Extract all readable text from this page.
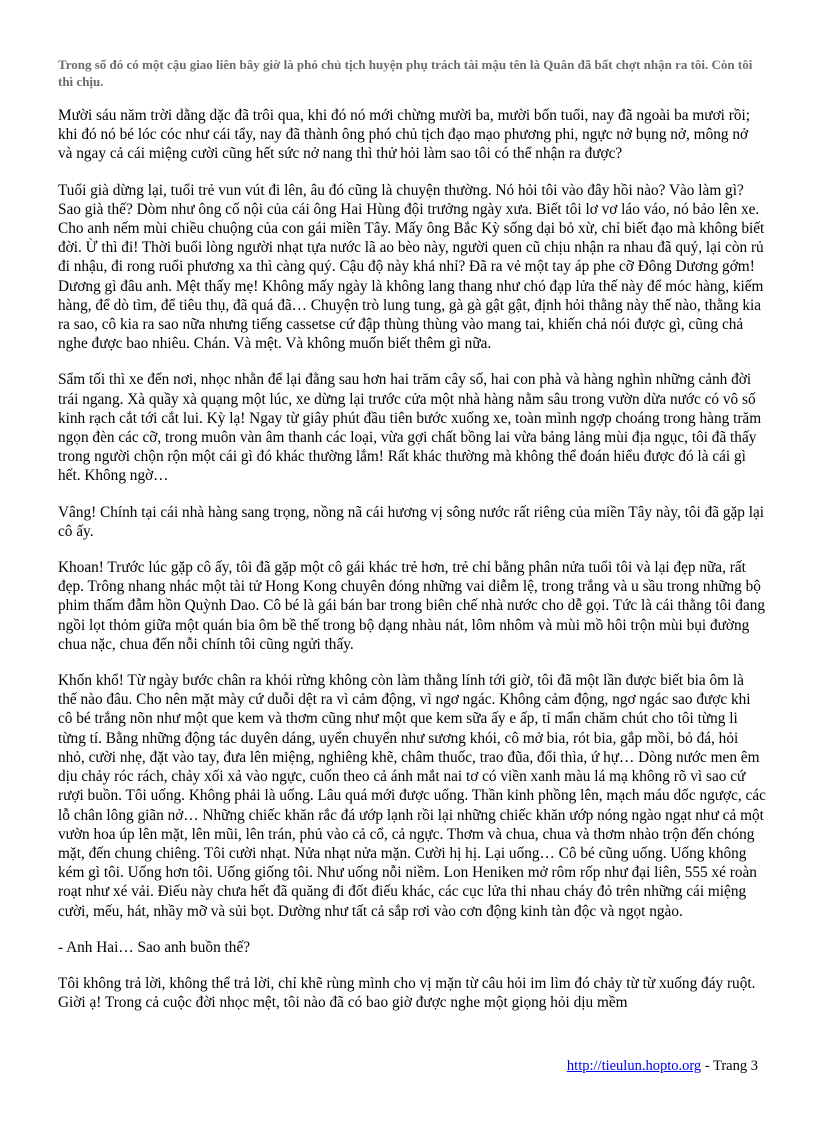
Trong số đó có một cậu giao liên bây giờ là phó chủ tịch huyện phụ trách tài mậu tên là Quân đã bất chợt nhận ra tôi. Còn tôi thì chịu.

Mười sáu năm trời dằng dặc đã trôi qua, khi đó nó mới chừng mười ba, mười bốn tuổi, nay đã ngoài ba mươi rồi; khi đó nó bé lóc cóc như cái tẩy, nay đã thành ông phó chủ tịch đạo mạo phương phi, ngực nở bụng nở, mông nở và ngay cả cái miệng cười cũng hết sức nở nang thì thử hỏi làm sao tôi có thể nhận ra được?

Tuổi già dừng lại, tuổi trẻ vun vút đi lên, âu đó cũng là chuyện thường. Nó hỏi tôi vào đây hồi nào? Vào làm gì? Sao già thế? Dòm như ông cố nội của cái ông Hai Hùng đội trưởng ngày xưa. Biết tôi lơ vơ láo váo, nó bảo lên xe. Cho anh nếm mùi chiều chuộng của con gái miền Tây. Mấy ông Bắc Kỳ sống dại bỏ xừ, chỉ biết đạo mà không biết đời. Ừ thì đi! Thời buổi lòng người nhạt tựa nước lã ao bèo này, người quen cũ chịu nhận ra nhau đã quý, lại còn rủ đi nhậu, đi rong ruổi phương xa thì càng quý. Cậu độ này khá nhỉ? Đã ra vẻ một tay áp phe cỡ Đông Dương gớm! Dương gì đâu anh. Mệt thấy mẹ! Không mấy ngày là không lang thang như chó đạp lửa thế này để móc hàng, kiếm hàng, để dò tìm, để tiêu thụ, đã quá đã… Chuyện trò lung tung, gà gà gật gật, định hỏi thằng này thế nào, thằng kia ra sao, cô kia ra sao nữa nhưng tiếng cassetse cứ đập thùng thùng vào mang tai, khiến chả nói được gì, cũng chả nghe được bao nhiêu. Chán. Và mệt. Và không muốn biết thêm gì nữa.

Sẩm tối thì xe đến nơi, nhọc nhằn để lại đằng sau hơn hai trăm cây số, hai con phà và hàng nghìn những cảnh đời trái ngang. Xà quầy xà quạng một lúc, xe dừng lại trước cửa một nhà hàng nằm sâu trong vườn dừa nước có vô số kinh rạch cắt tới cắt lui. Kỳ lạ! Ngay từ giây phút đầu tiên bước xuống xe, toàn mình ngợp choáng trong hàng trăm ngọn đèn các cỡ, trong muôn vàn âm thanh các loại, vừa gợi chất bồng lai vừa bảng lảng mùi địa ngục, tôi đã thấy trong người chộn rộn một cái gì đó khác thường lắm! Rất khác thường mà không thể đoán hiểu được đó là cái gì hết. Không ngờ…

Vâng! Chính tại cái nhà hàng sang trọng, nồng nã cái hương vị sông nước rất riêng của miền Tây này, tôi đã gặp lại cô ấy.

Khoan! Trước lúc gặp cô ấy, tôi đã gặp một cô gái khác trẻ hơn, trẻ chỉ bằng phân nửa tuổi tôi và lại đẹp nữa, rất đẹp. Trông nhang nhác một tài tử Hong Kong chuyên đóng những vai diễm lệ, trong trắng và u sầu trong những bộ phim thấm đẫm hồn Quỳnh Dao. Cô bé là gái bán bar trong biên chế nhà nước cho dễ gọi. Tức là cái thằng tôi đang ngồi lọt thỏm giữa một quán bia ôm bề thế trong bộ dạng nhàu nát, lôm nhôm và mùi mồ hôi trộn mùi bụi đường chua nặc, chua đến nỗi chính tôi cũng ngửi thấy.

Khốn khổ! Từ ngày bước chân ra khỏi rừng không còn làm thằng lính tới giờ, tôi đã một lần được biết bia ôm là thế nào đâu. Cho nên mặt mày cứ duỗi dệt ra vì cảm động, vì ngơ ngác. Không cảm động, ngơ ngác sao được khi cô bé trắng nõn như một que kem và thơm cũng như một que kem sữa ấy e ấp, tỉ mẩn chăm chút cho tôi từng li từng tí. Bằng những động tác duyên dáng, uyển chuyển như sương khói, cô mở bia, rót bia, gắp mồi, bỏ đá, hỏi nhỏ, cười nhẹ, đặt vào tay, đưa lên miệng, nghiêng khẽ, châm thuốc, trao đũa, đổi thìa, ứ hự… Dòng nước men êm dịu chảy róc rách, chảy xối xả vào ngực, cuốn theo cả ánh mắt nai tơ có viền xanh màu lá mạ không rõ vì sao cứ rượi buồn. Tôi uống. Không phải là uống. Lâu quá mới được uống. Thần kinh phồng lên, mạch máu dốc ngược, các lỗ chân lông giãn nở… Những chiếc khăn rắc đá ướp lạnh rồi lại những chiếc khăn ướp nóng ngào ngạt như cả một vườn hoa úp lên mặt, lên mũi, lên trán, phủ vào cả cổ, cả ngực. Thơm và chua, chua và thơm nhào trộn đến chóng mặt, đến chung chiêng. Tôi cười nhạt. Nửa nhạt nửa mặn. Cười hị hị. Lại uống… Cô bé cũng uống. Uống không kém gì tôi. Uống hơn tôi. Uống giống tôi. Như uống nỗi niềm. Lon Heniken mở rôm rốp như đại liên, 555 xé roàn roạt như xé vải. Điếu này chưa hết đã quăng đi đốt điếu khác, các cục lửa thi nhau cháy đỏ trên những cái miệng cười, mếu, hát, nhầy mỡ và sủi bọt. Dường như tất cả sắp rơi vào cơn động kinh tàn độc và ngọt ngào.

- Anh Hai… Sao anh buồn thế?

Tôi không trả lời, không thể trả lời, chỉ khẽ rùng mình cho vị mặn từ câu hỏi im lìm đó chảy từ từ xuống đáy ruột. Giời ạ! Trong cả cuộc đời nhọc mệt, tôi nào đã có bao giờ được nghe một giọng hỏi dịu mềm

http://tieulun.hopto.org - Trang 3
